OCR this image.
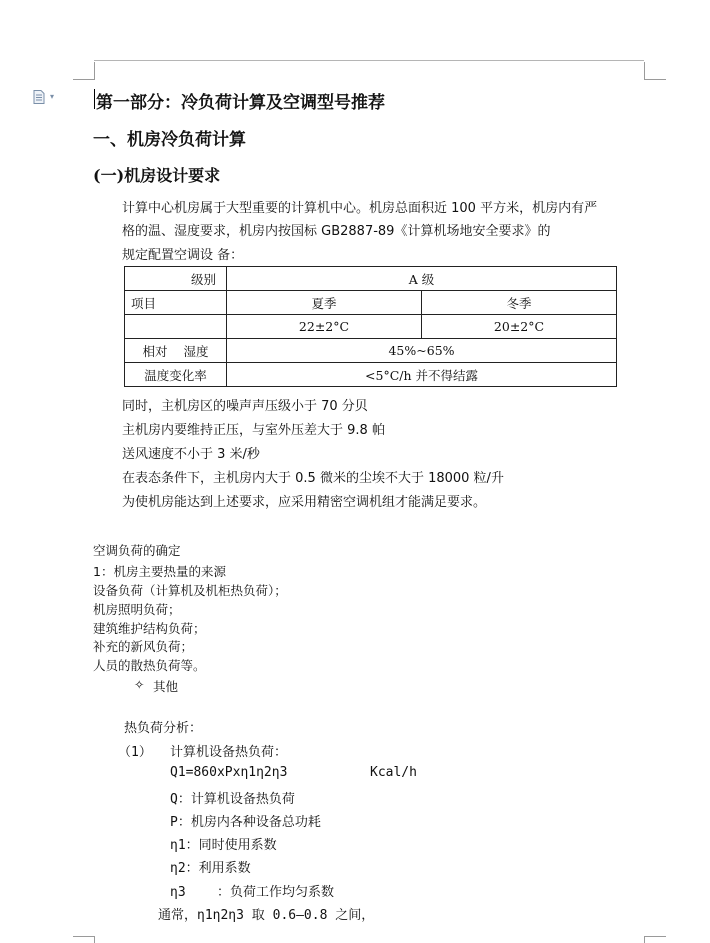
▾ 第一部分：冷负荷计算及空调型号推荐
一、机房冷负荷计算
(一)机房设计要求
计算中心机房属于大型重要的计算机中心。机房总面积近 100 平方米，机房内有严
格的温、湿度要求，机房内按国标 GB2887-89《计算机场地安全要求》的
规定配置空调设 备：
级别	A 级	
项目	夏季	冬季
	22±2°C	20±2°C
相对    湿度	45%~65%	
温度变化率	<5°C/h 并不得结露	
同时，主机房区的噪声声压级小于 70 分贝
主机房内要维持正压，与室外压差大于 9.8 帕
送风速度不小于 3 米/秒
在表态条件下，主机房内大于 0.5 微米的尘埃不大于 18000 粒/升
为使机房能达到上述要求，应采用精密空调机组才能满足要求。
空调负荷的确定
1：机房主要热量的来源
设备负荷（计算机及机柜热负荷）；
机房照明负荷；
建筑维护结构负荷；
补充的新风负荷；
人员的散热负荷等。
✧ 其他
热负荷分析：
（1） 计算机设备热负荷：
Q1=860xPxη1η2η3	Kcal/h
Q：计算机设备热负荷
P：机房内各种设备总功耗
η1：同时使用系数
η2：利用系数
η3    ：负荷工作均匀系数
通常，η1η2η3 取 0.6—0.8 之间，
